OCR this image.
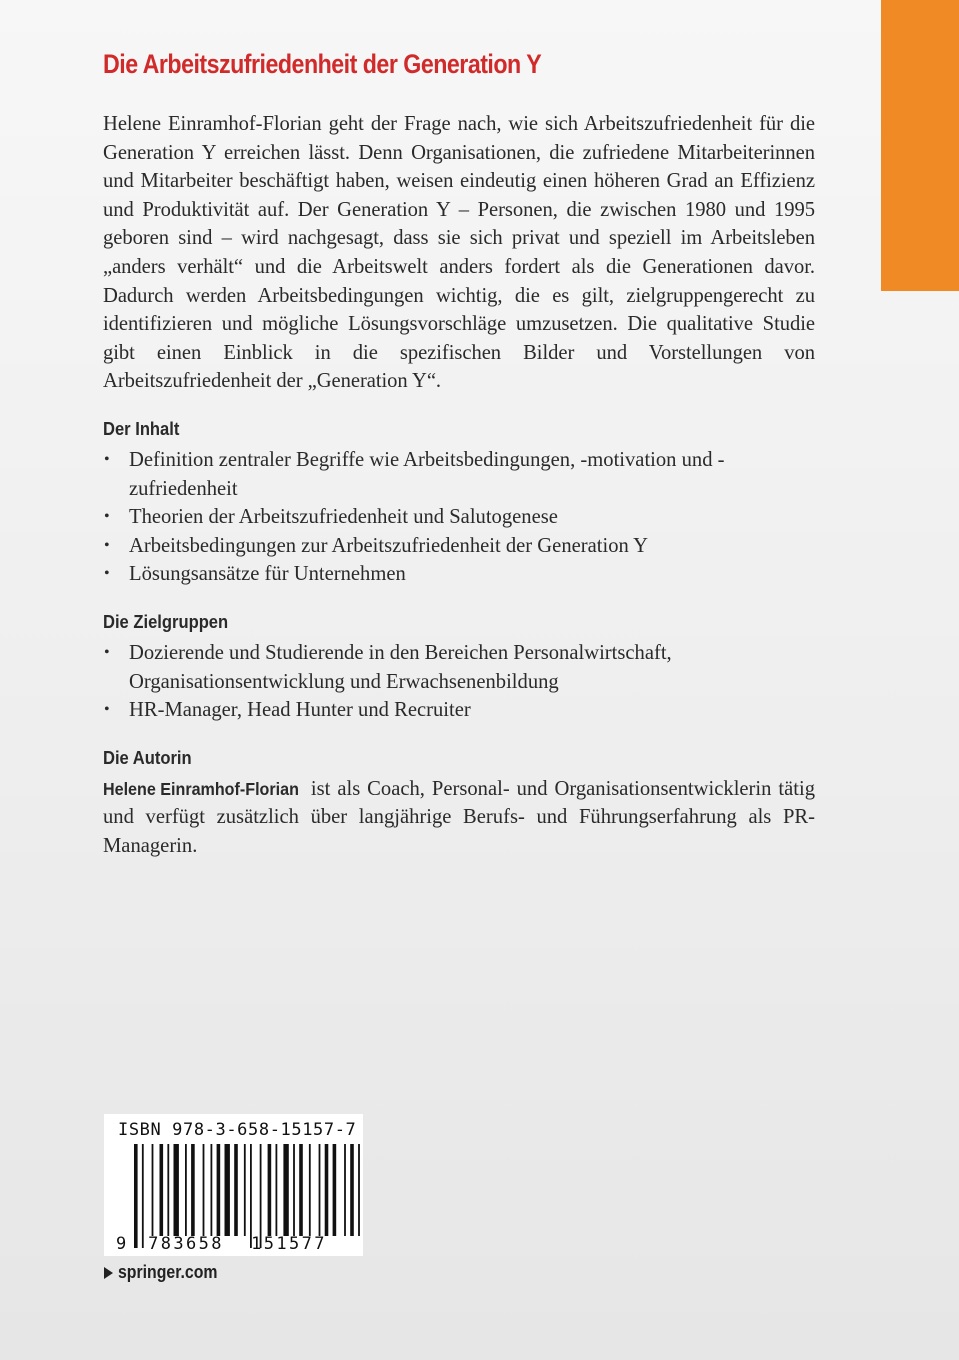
Die Arbeitszufriedenheit der Generation Y

Helene Einramhof-Florian geht der Frage nach, wie sich Arbeitszufriedenheit für die Generation Y erreichen lässt. Denn Organisationen, die zufriedene Mitarbeiterinnen und Mitarbeiter beschäftigt haben, weisen eindeutig einen höheren Grad an Effizienz und Produktivität auf. Der Generation Y – Personen, die zwischen 1980 und 1995 geboren sind – wird nachgesagt, dass sie sich privat und speziell im Arbeitsleben „anders verhält“ und die Arbeitswelt anders fordert als die Generationen davor. Dadurch werden Arbeitsbedingungen wichtig, die es gilt, zielgruppengerecht zu identifizieren und mögliche Lösungsvorschläge umzusetzen. Die qualitative Studie gibt einen Einblick in die spezifischen Bilder und Vorstellungen von Arbeitszufriedenheit der „Generation Y“.

Der Inhalt
• Definition zentraler Begriffe wie Arbeitsbedingungen, -motivation und -zufriedenheit
• Theorien der Arbeitszufriedenheit und Salutogenese
• Arbeitsbedingungen zur Arbeitszufriedenheit der Generation Y
• Lösungsansätze für Unternehmen
Die Zielgruppen
• Dozierende und Studierende in den Bereichen Personalwirtschaft, Organisationsentwicklung und Erwachsenenbildung
• HR-Manager, Head Hunter und Recruiter
Die Autorin

Helene Einramhof-Florian ist als Coach, Personal- und Organisationsentwicklerin tätig und verfügt zusätzlich über langjährige Berufs- und Führungserfahrung als PR-Managerin.

ISBN 978-3-658-15157-7
9 783658 151577
springer.com
